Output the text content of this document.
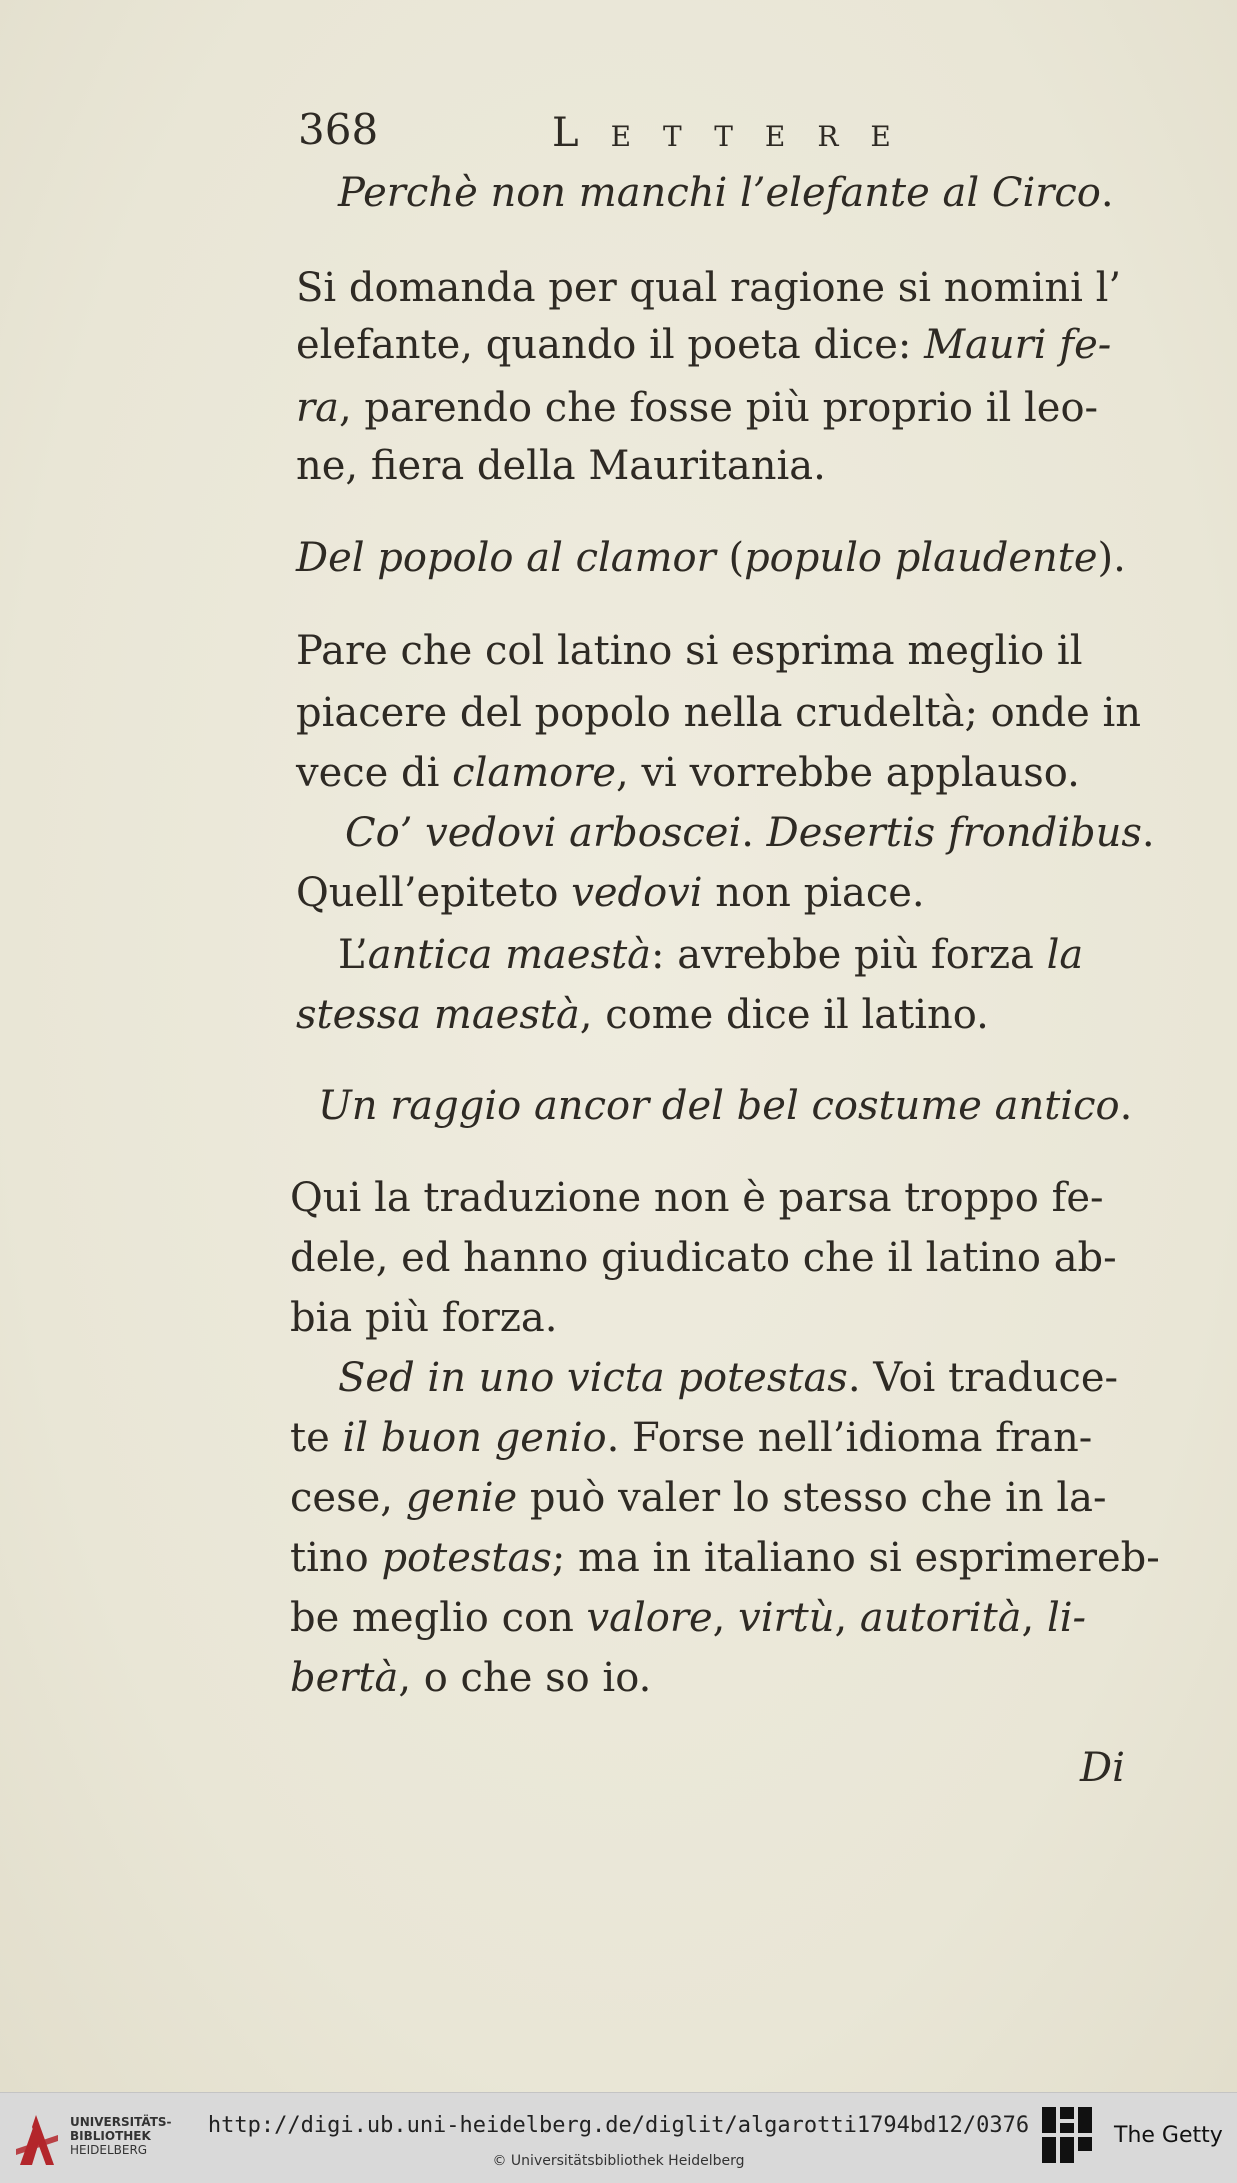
368	Lettere
Perchè non manchi l’elefante al Circo.
Si domanda per qual ragione si nomini l’
elefante, quando il poeta dice: Mauri fe-
ra, parendo che fosse più proprio il leo-
ne, fiera della Mauritania.
Del popolo al clamor (populo plaudente).
Pare che col latino si esprima meglio il
piacere del popolo nella crudeltà; onde in
vece di clamore, vi vorrebbe applauso.
Co’ vedovi arboscei. Desertis frondibus.
Quell’epiteto vedovi non piace.
L’antica maestà: avrebbe più forza la
stessa maestà, come dice il latino.
Un raggio ancor del bel costume antico.
Qui la traduzione non è parsa troppo fe-
dele, ed hanno giudicato che il latino ab-
bia più forza.
Sed in uno victa potestas. Voi traduce-
te il buon genio. Forse nell’idioma fran-
cese, genie può valer lo stesso che in la-
tino potestas; ma in italiano si esprimereb-
be meglio con valore, virtù, autorità, li-
bertà, o che so io.
Di
UNIVERSITÄTS-
BIBLIOTHEK
HEIDELBERG
http://digi.ub.uni-heidelberg.de/diglit/algarotti1794bd12/0376
© Universitätsbibliothek Heidelberg
The Getty
